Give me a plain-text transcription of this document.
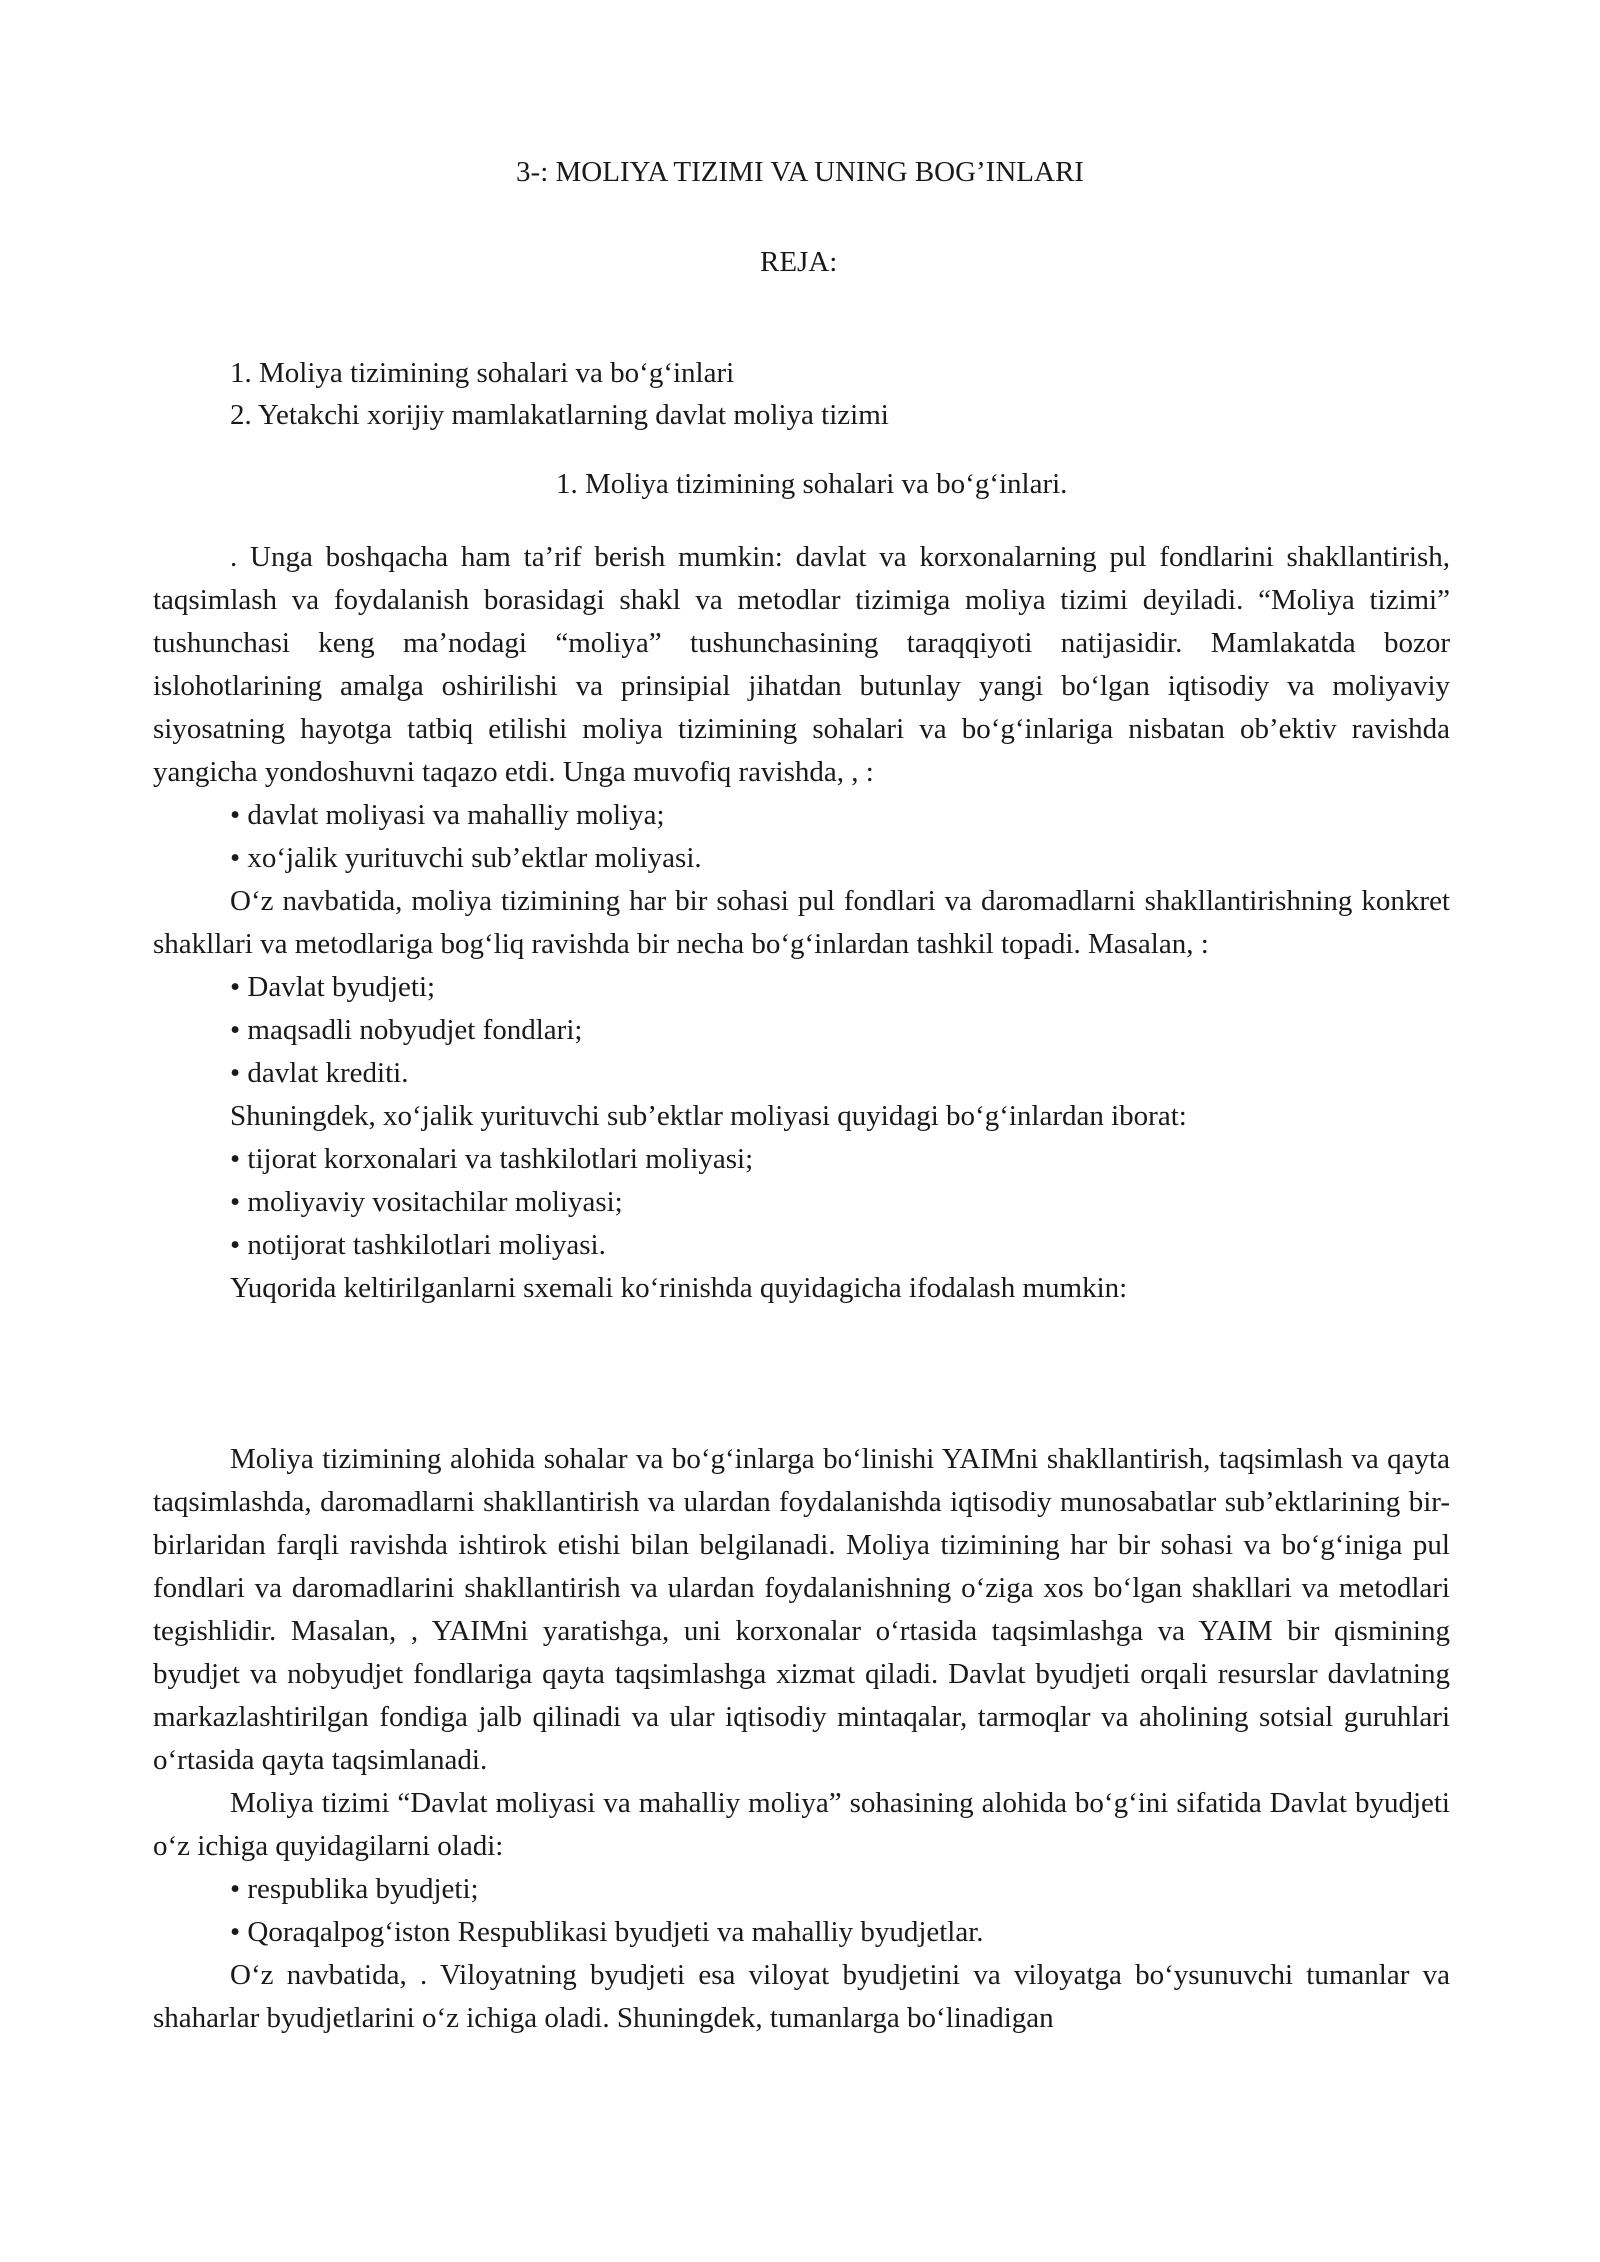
3-: MOLIYA TIZIMI VA UNING BOG’INLARI
REJA:
1. Moliya tizimining sohalari va bo‘g‘inlari
2. Yetakchi xorijiy mamlakatlarning davlat moliya tizimi
1. Moliya tizimining sohalari va bo‘g‘inlari.

. Unga boshqacha ham ta’rif berish mumkin: davlat va korxonalarning pul fondlarini shakllantirish, taqsimlash va foydalanish borasidagi shakl va metodlar tizimiga moliya tizimi deyiladi. “Moliya tizimi” tushunchasi keng ma’nodagi “moliya” tushunchasining taraqqiyoti natijasidir. Mamlakatda bozor islohotlarining amalga oshirilishi va prinsipial jihatdan butunlay yangi bo‘lgan iqtisodiy va moliyaviy siyosatning hayotga tatbiq etilishi moliya tizimining sohalari va bo‘g‘inlariga nisbatan ob’ektiv ravishda yangicha yondoshuvni taqazo etdi. Unga muvofiq ravishda, , :

• davlat moliyasi va mahalliy moliya;

• xo‘jalik yurituvchi sub’ektlar moliyasi.

O‘z navbatida, moliya tizimining har bir sohasi pul fondlari va daromadlarni shakllantirishning konkret shakllari va metodlariga bog‘liq ravishda bir necha bo‘g‘inlardan tashkil topadi. Masalan, :

• Davlat byudjeti;

• maqsadli nobyudjet fondlari;

• davlat krediti.

Shuningdek, xo‘jalik yurituvchi sub’ektlar moliyasi quyidagi bo‘g‘inlardan iborat:

• tijorat korxonalari va tashkilotlari moliyasi;

• moliyaviy vositachilar moliyasi;

• notijorat tashkilotlari moliyasi.

Yuqorida keltirilganlarni sxemali ko‘rinishda quyidagicha ifodalash mumkin:

Moliya tizimining alohida sohalar va bo‘g‘inlarga bo‘linishi YAIMni shakllantirish, taqsimlash va qayta taqsimlashda, daromadlarni shakllantirish va ulardan foydalanishda iqtisodiy munosabatlar sub’ektlarining bir-birlaridan farqli ravishda ishtirok etishi bilan belgilanadi. Moliya tizimining har bir sohasi va bo‘g‘iniga pul fondlari va daromadlarini shakllantirish va ulardan foydalanishning o‘ziga xos bo‘lgan shakllari va metodlari tegishlidir. Masalan, , YAIMni yaratishga, uni korxonalar o‘rtasida taqsimlashga va YAIM bir qismining byudjet va nobyudjet fondlariga qayta taqsimlashga xizmat qiladi. Davlat byudjeti orqali resurslar davlatning markazlashtirilgan fondiga jalb qilinadi va ular iqtisodiy mintaqalar, tarmoqlar va aholining sotsial guruhlari o‘rtasida qayta taqsimlanadi.

Moliya tizimi “Davlat moliyasi va mahalliy moliya” sohasining alohida bo‘g‘ini sifatida Davlat byudjeti o‘z ichiga quyidagilarni oladi:

• respublika byudjeti;

• Qoraqalpog‘iston Respublikasi byudjeti va mahalliy byudjetlar.

O‘z navbatida, . Viloyatning byudjeti esa viloyat byudjetini va viloyatga bo‘ysunuvchi tumanlar va shaharlar byudjetlarini o‘z ichiga oladi. Shuningdek, tumanlarga bo‘linadigan
